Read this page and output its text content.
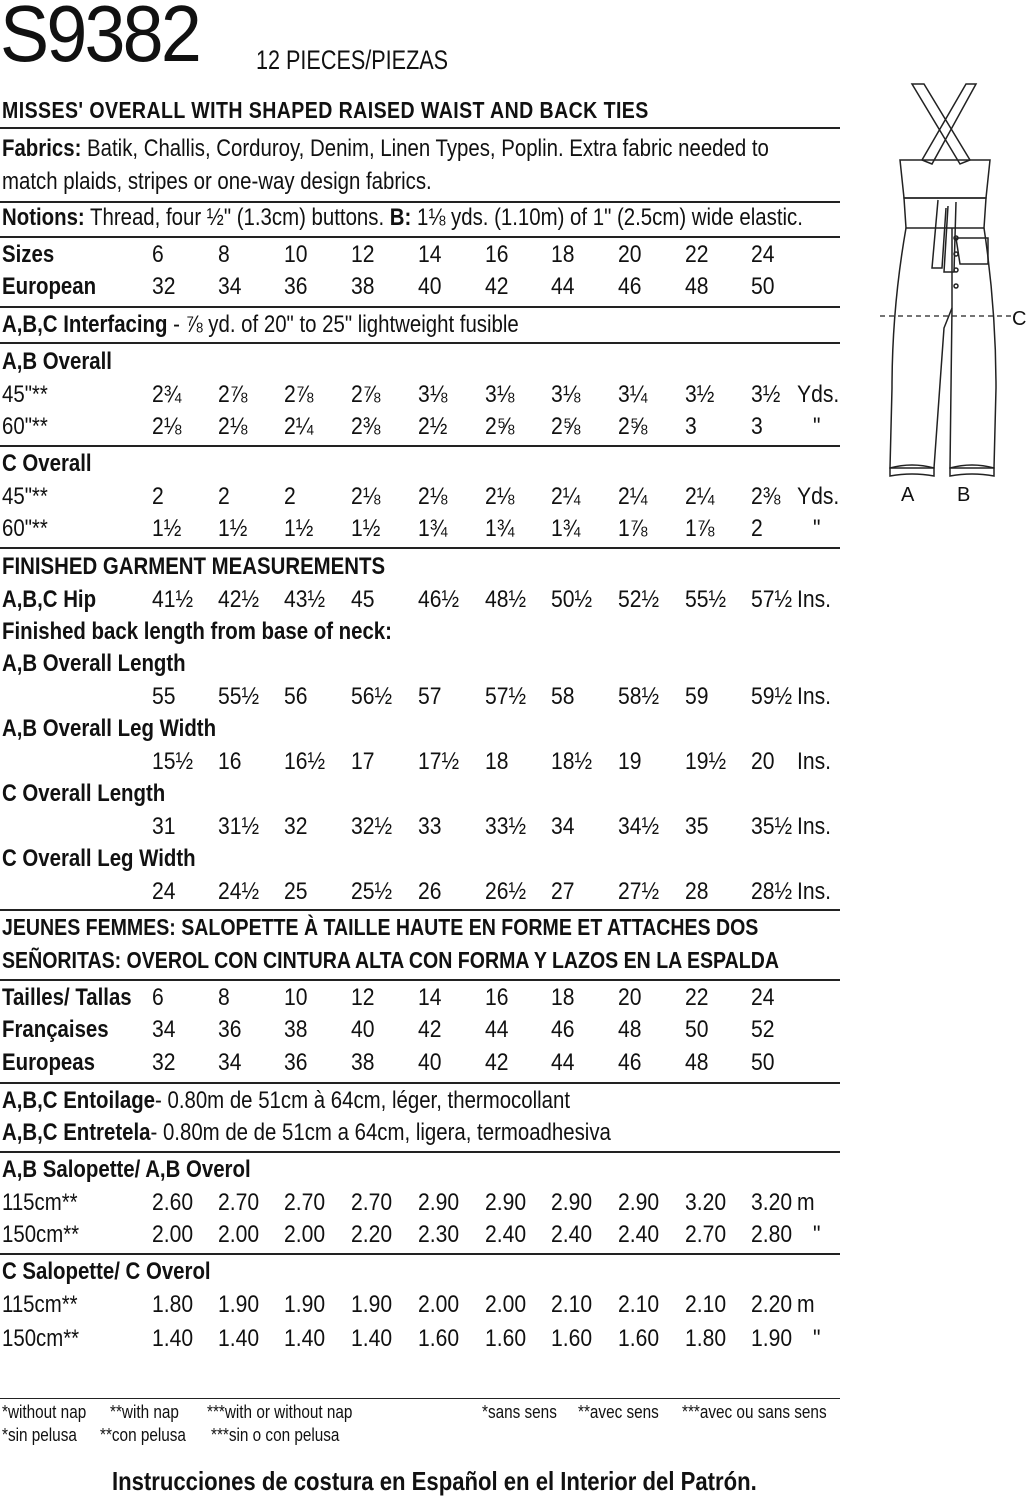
S9382 12 PIECES/PIEZAS
MISSES' OVERALL WITH SHAPED RAISED WAIST AND BACK TIES
Fabrics: Batik, Challis, Corduroy, Denim, Linen Types, Poplin. Extra fabric needed to
match plaids, stripes or one-way design fabrics.
Notions: Thread, four ½" (1.3cm) buttons. B: 1⅛ yds. (1.10m) of 1" (2.5cm) wide elastic.
Sizes	6 8 10 12 14 16 18 20 22 24
European 32 34 36 38 40 42 44 46 48 50
A,B,C Interfacing - ⅞ yd. of 20" to 25" lightweight fusible
A,B Overall
45"**	2¾ 2⅞ 2⅞ 2⅞ 3⅛ 3⅛ 3⅛ 3¼ 3½ 3½ Yds.
60"**	2⅛ 2⅛ 2¼ 2⅜ 2½ 2⅝ 2⅝ 2⅝ 3 3 "
C Overall
45"**	2 2 2 2⅛ 2⅛ 2⅛ 2¼ 2¼ 2¼ 2⅜ Yds.
60"**	1½ 1½ 1½ 1½ 1¾ 1¾ 1¾ 1⅞ 1⅞ 2 "
FINISHED GARMENT MEASUREMENTS
A,B,C Hip 41½ 42½ 43½ 45 46½ 48½ 50½ 52½ 55½ 57½ Ins.
Finished back length from base of neck:
A,B Overall Length
55 55½ 56 56½ 57 57½ 58 58½ 59 59½ Ins.
A,B Overall Leg Width
15½ 16 16½ 17 17½ 18 18½ 19 19½ 20 Ins.
C Overall Length
31 31½ 32 32½ 33 33½ 34 34½ 35 35½ Ins.
C Overall Leg Width
24 24½ 25 25½ 26 26½ 27 27½ 28 28½ Ins.
JEUNES FEMMES: SALOPETTE À TAILLE HAUTE EN FORME ET ATTACHES DOS
SEÑORITAS: OVEROL CON CINTURA ALTA CON FORMA Y LAZOS EN LA ESPALDA
Tailles/ Tallas 6 8 10 12 14 16 18 20 22 24
Françaises 34 36 38 40 42 44 46 48 50 52
Europeas 32 34 36 38 40 42 44 46 48 50
A,B,C Entoilage- 0.80m de 51cm à 64cm, léger, thermocollant
A,B,C Entretela- 0.80m de de 51cm a 64cm, ligera, termoadhesiva
A,B Salopette/ A,B Overol
115cm**	2.60 2.70 2.70 2.70 2.90 2.90 2.90 2.90 3.20 3.20 m
150cm**	2.00 2.00 2.00 2.20 2.30 2.40 2.40 2.40 2.70 2.80 "
C Salopette/ C Overol
115cm**	1.80 1.90 1.90 1.90 2.00 2.00 2.10 2.10 2.10 2.20 m
150cm**	1.40 1.40 1.40 1.40 1.60 1.60 1.60 1.60 1.80 1.90 "
*without nap **with nap ***with or without nap	*sans sens **avec sens ***avec ou sans sens
*sin pelusa **con pelusa ***sin o con pelusa
Instrucciones de costura en Español en el Interior del Patrón.
C
A B
